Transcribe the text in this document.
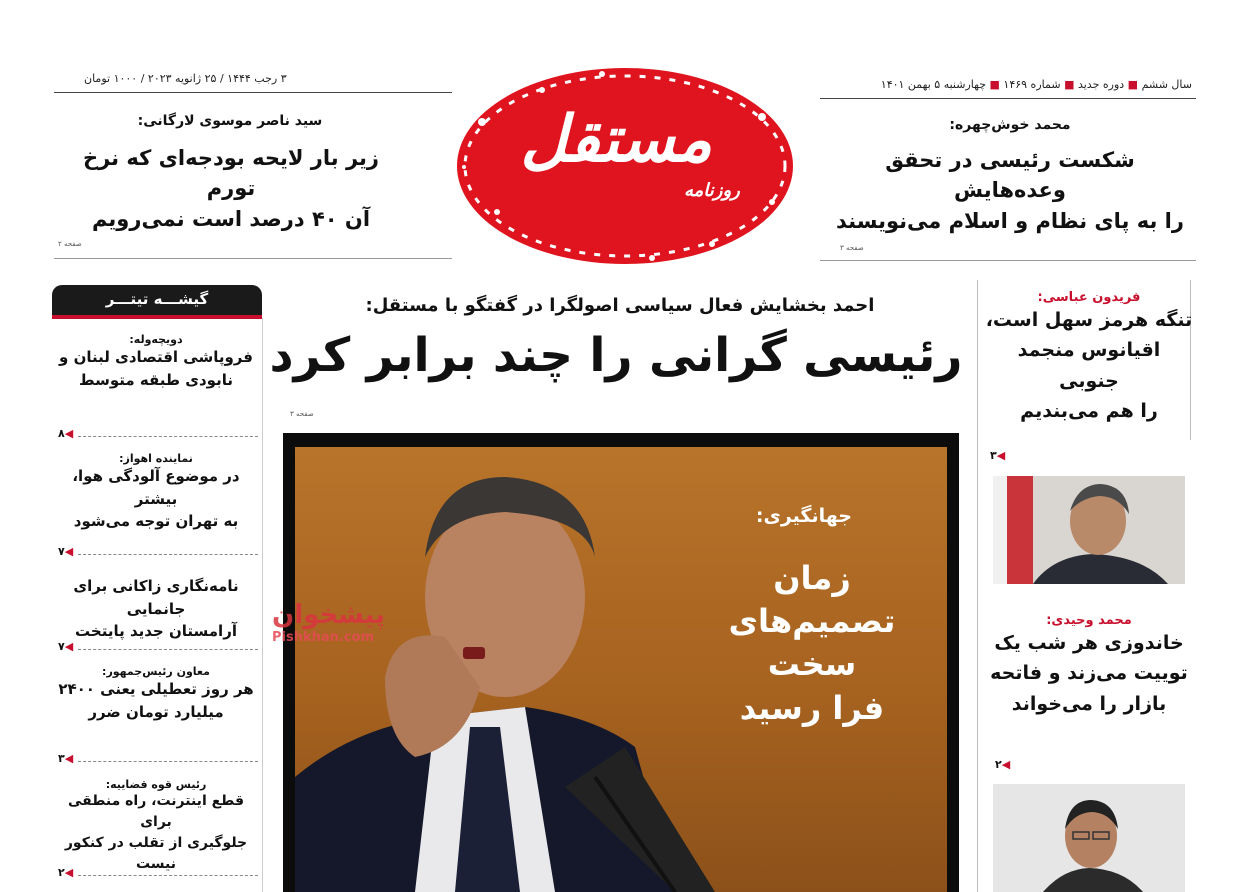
۳ رجب ۱۴۴۴ / ۲۵ ژانویه ۲۰۲۳ / ۱۰۰۰ تومان	سال ششم ■ دوره جدید ■ شماره ۱۴۶۹ ■ چهارشنبه ۵ بهمن ۱۴۰۱
مستقل
روزنامه
محمد خوش‌چهره:
شکست رئیسی در تحقق وعده‌هایش
را به پای نظام و اسلام می‌نویسند
صفحه ۳
سید ناصر موسوی لارگانی:
زیر بار لایحه بودجه‌ای که نرخ تورم
آن ۴۰ درصد است نمی‌رویم
صفحه ۲
احمد بخشایش فعال سیاسی اصولگرا در گفتگو با مستقل:
رئیسی گرانی را چند برابر کرد
صفحه ۳
جهانگیری:
زمان
تصمیم‌های سخت
فرا رسید
پیشخوان
Pishkhan.com
گیشـــه تیتـــر
دویچه‌وله:
فروپاشی اقتصادی لبنان و
نابودی طبقه متوسط
◀۸
نماینده اهواز:
در موضوع آلودگی هوا، بیشتر
به تهران توجه می‌شود
◀۷
نامه‌نگاری زاکانی برای جانمایی
آرامستان جدید پایتخت
◀۷
معاون رئیس‌جمهور:
هر روز تعطیلی یعنی ۲۴۰۰
میلیارد تومان ضرر
◀۳
رئیس قوه قضاییه:
قطع اینترنت، راه منطقی برای
جلوگیری از تقلب در کنکور نیست
◀۲
فریدون عباسی:
تنگه هرمز سهل است،
اقیانوس منجمد جنوبی
را هم می‌بندیم
◀۳
محمد وحیدی:
خاندوزی هر شب یک
توییت می‌زند و فاتحه
بازار را می‌خواند
◀۲
